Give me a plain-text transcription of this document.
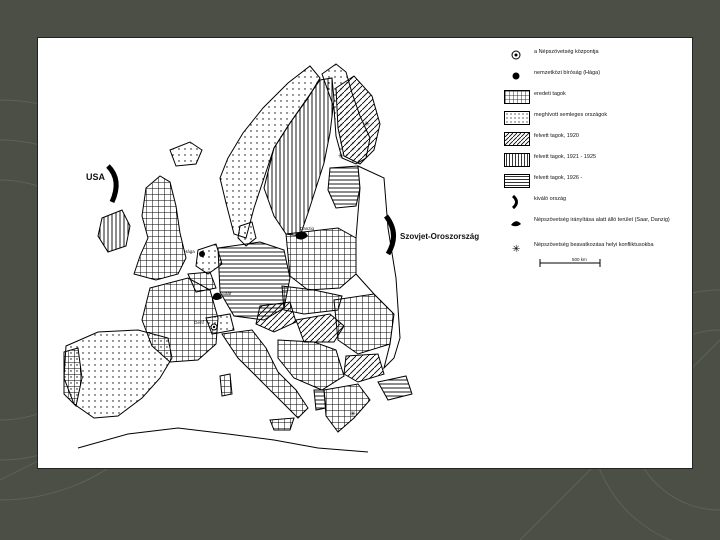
✳
✳
✳
USA
Szovjet-Oroszország
Hága
Genf
Danzig
Saar
500 km
a Népszövetség központja
nemzetközi bíróság (Hága)
eredeti tagok
meghívott semleges országok
felvett tagok, 1920
felvett tagok, 1921 - 1925
felvett tagok, 1926 -
kiváló ország
Népszövetség irányítása alatt álló terület (Saar, Danzig)
✳ Népszövetség beavatkozása helyi konfliktusokba
